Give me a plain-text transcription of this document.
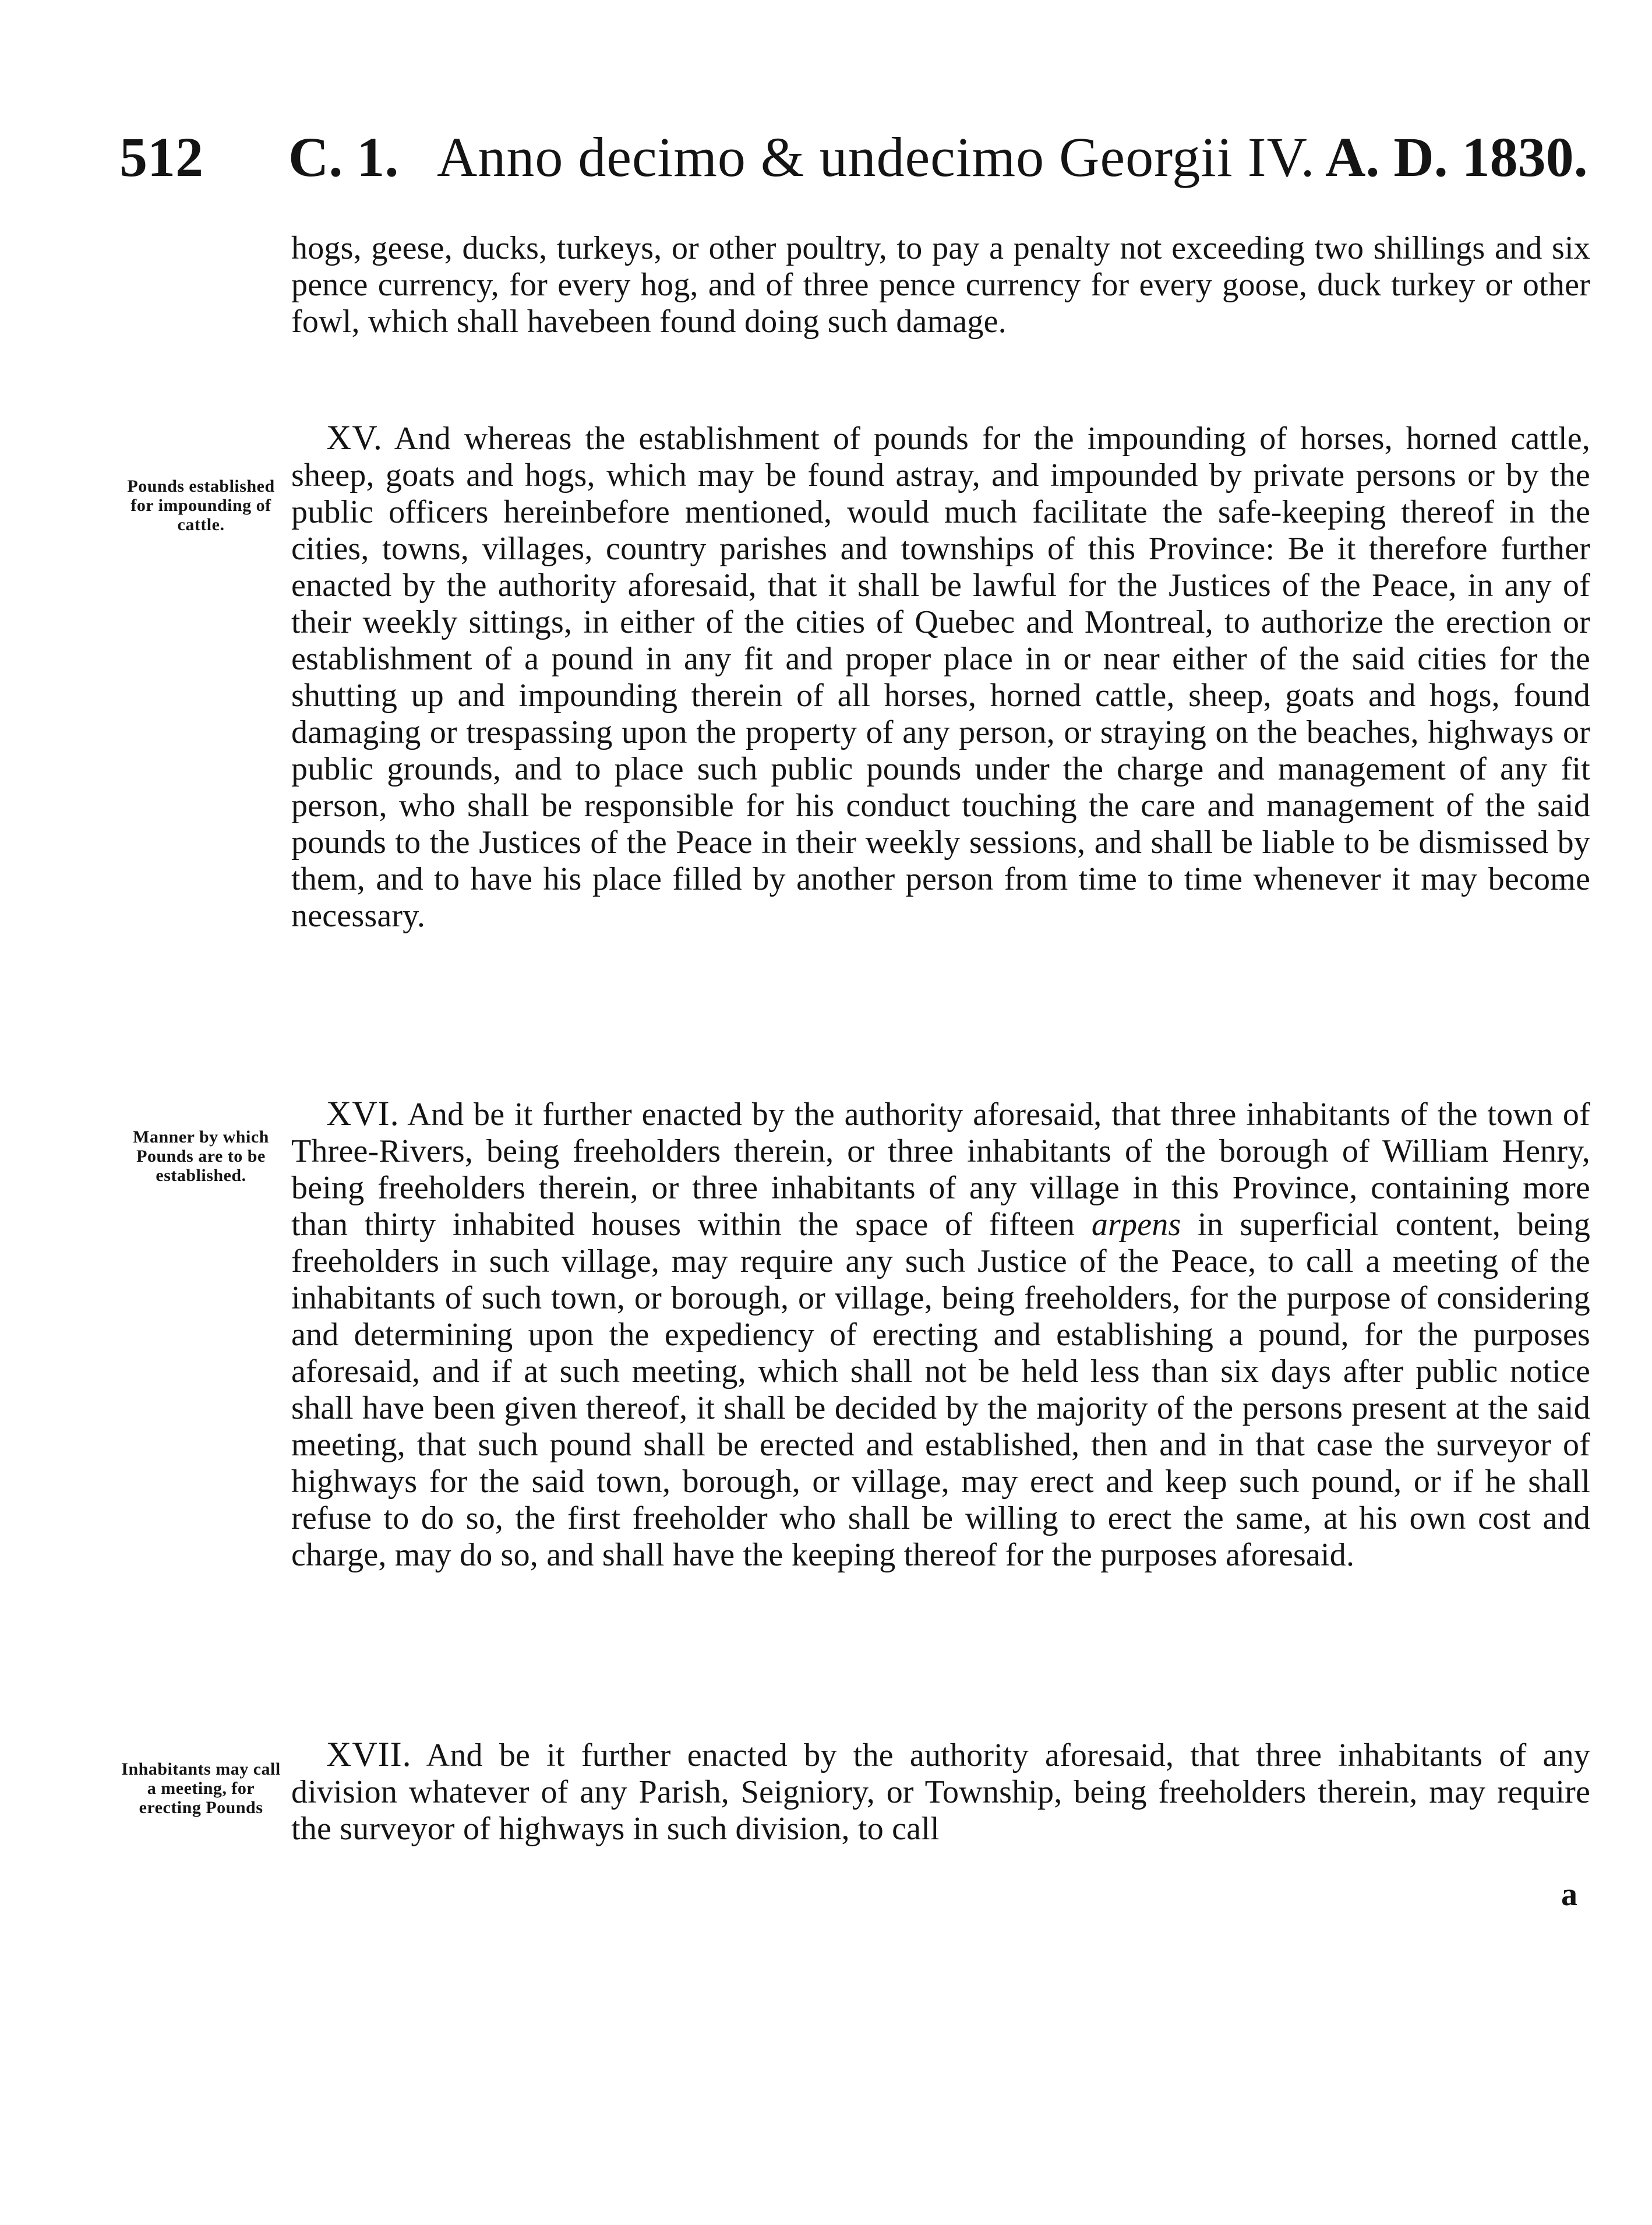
512 C. 1. Anno decimo & undecimo Georgii IV. A. D. 1830.

hogs, geese, ducks, turkeys, or other poultry, to pay a penalty not exceeding two shillings and six pence currency, for every hog, and of three pence currency for every goose, duck turkey or other fowl, which shall havebeen found doing such damage.

Pounds established for impounding of cattle.

XV. And whereas the establishment of pounds for the impounding of horses, horned cattle, sheep, goats and hogs, which may be found astray, and impounded by private persons or by the public officers hereinbefore mentioned, would much facilitate the safe-keeping thereof in the cities, towns, villages, country parishes and townships of this Province: Be it therefore further enacted by the authority aforesaid, that it shall be lawful for the Justices of the Peace, in any of their weekly sittings, in either of the cities of Quebec and Montreal, to authorize the erection or establishment of a pound in any fit and proper place in or near either of the said cities for the shutting up and impounding therein of all horses, horned cattle, sheep, goats and hogs, found damaging or trespassing upon the property of any person, or straying on the beaches, highways or public grounds, and to place such public pounds under the charge and management of any fit person, who shall be responsible for his conduct touching the care and management of the said pounds to the Justices of the Peace in their weekly sessions, and shall be liable to be dismissed by them, and to have his place filled by another person from time to time whenever it may become necessary.

Manner by which Pounds are to be established.

XVI. And be it further enacted by the authority aforesaid, that three inhabitants of the town of Three-Rivers, being freeholders therein, or three inhabitants of the borough of William Henry, being freeholders therein, or three inhabitants of any village in this Province, containing more than thirty inhabited houses within the space of fifteen arpens in superficial content, being freeholders in such village, may require any such Justice of the Peace, to call a meeting of the inhabitants of such town, or borough, or village, being freeholders, for the purpose of considering and determining upon the expediency of erecting and establishing a pound, for the purposes aforesaid, and if at such meeting, which shall not be held less than six days after public notice shall have been given thereof, it shall be decided by the majority of the persons present at the said meeting, that such pound shall be erected and established, then and in that case the surveyor of highways for the said town, borough, or village, may erect and keep such pound, or if he shall refuse to do so, the first freeholder who shall be willing to erect the same, at his own cost and charge, may do so, and shall have the keeping thereof for the purposes aforesaid.

Inhabitants may call a meeting, for erecting Pounds

XVII. And be it further enacted by the authority aforesaid, that three inhabitants of any division whatever of any Parish, Seigniory, or Township, being freeholders therein, may require the surveyor of highways in such division, to call

a
